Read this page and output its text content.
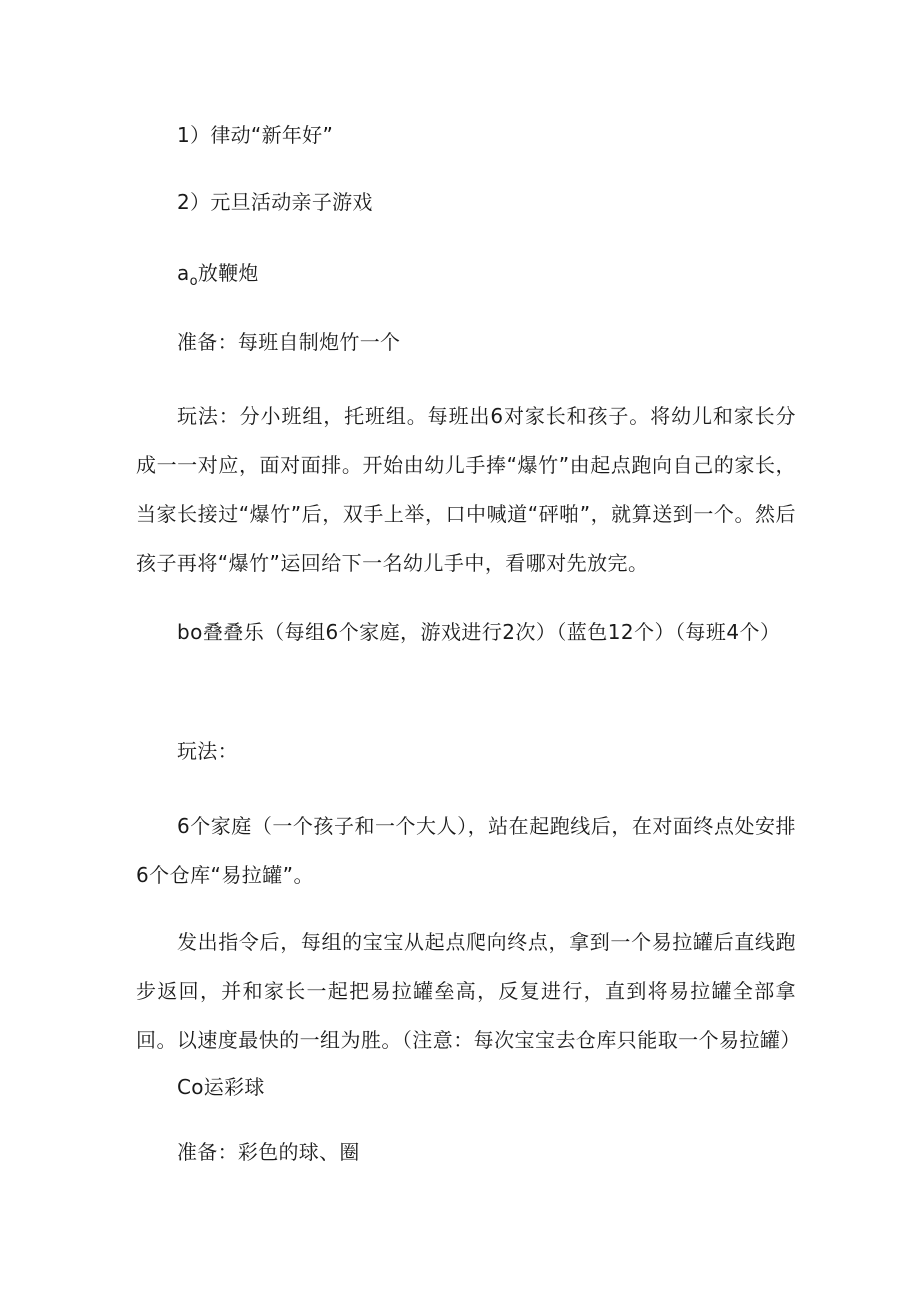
1）律动“新年好”
2）元旦活动亲子游戏
$a_o$放鞭炮
准备：每班自制炮竹一个
玩法：分小班组，托班组。每班出6对家长和孩子。将幼儿和家长分成一一对应，面对面排。开始由幼儿手捧“爆竹”由起点跑向自己的家长，当家长接过“爆竹”后，双手上举，口中喊道“砰啪”，就算送到一个。然后孩子再将“爆竹”运回给下一名幼儿手中，看哪对先放完。
bo叠叠乐（每组6个家庭，游戏进行2次）（蓝色12个）（每班4个）
玩法：
6个家庭（一个孩子和一个大人），站在起跑线后，在对面终点处安排6个仓库“易拉罐”。
发出指令后，每组的宝宝从起点爬向终点，拿到一个易拉罐后直线跑步返回，并和家长一起把易拉罐垒高，反复进行，直到将易拉罐全部拿回。以速度最快的一组为胜。（注意：每次宝宝去仓库只能取一个易拉罐）
Co运彩球
准备：彩色的球、圈
